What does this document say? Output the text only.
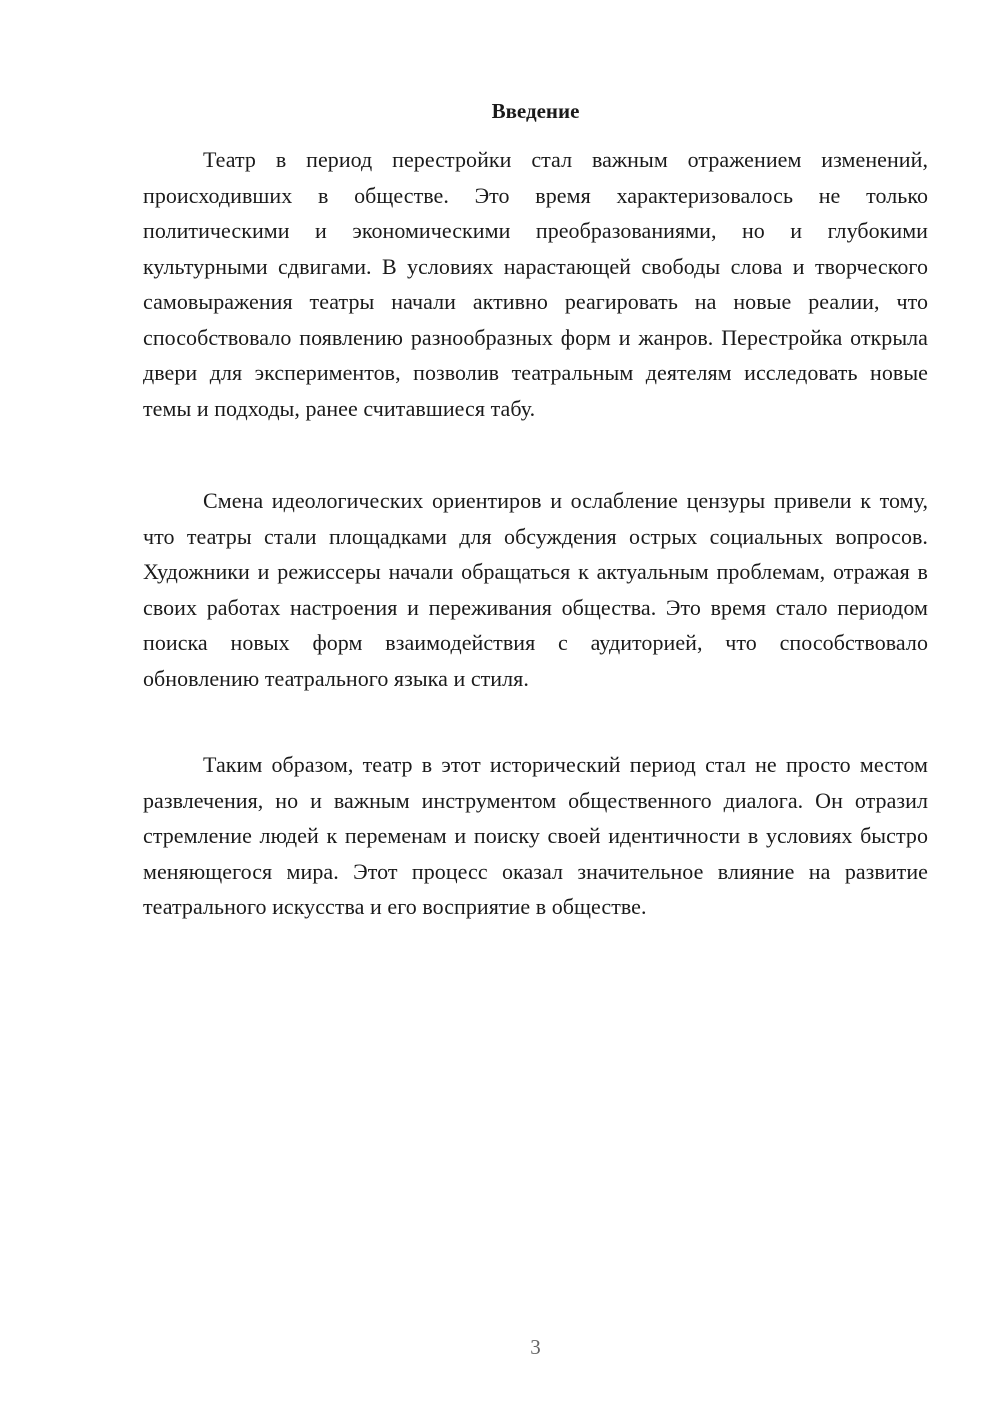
Введение

Театр в период перестройки стал важным отражением изменений, происходивших в обществе. Это время характеризовалось не только политическими и экономическими преобразованиями, но и глубокими культурными сдвигами. В условиях нарастающей свободы слова и творческого самовыражения театры начали активно реагировать на новые реалии, что способствовало появлению разнообразных форм и жанров. Перестройка открыла двери для экспериментов, позволив театральным деятелям исследовать новые темы и подходы, ранее считавшиеся табу.

Смена идеологических ориентиров и ослабление цензуры привели к тому, что театры стали площадками для обсуждения острых социальных вопросов. Художники и режиссеры начали обращаться к актуальным проблемам, отражая в своих работах настроения и переживания общества. Это время стало периодом поиска новых форм взаимодействия с аудиторией, что способствовало обновлению театрального языка и стиля.

Таким образом, театр в этот исторический период стал не просто местом развлечения, но и важным инструментом общественного диалога. Он отразил стремление людей к переменам и поиску своей идентичности в условиях быстро меняющегося мира. Этот процесс оказал значительное влияние на развитие театрального искусства и его восприятие в обществе.

3
